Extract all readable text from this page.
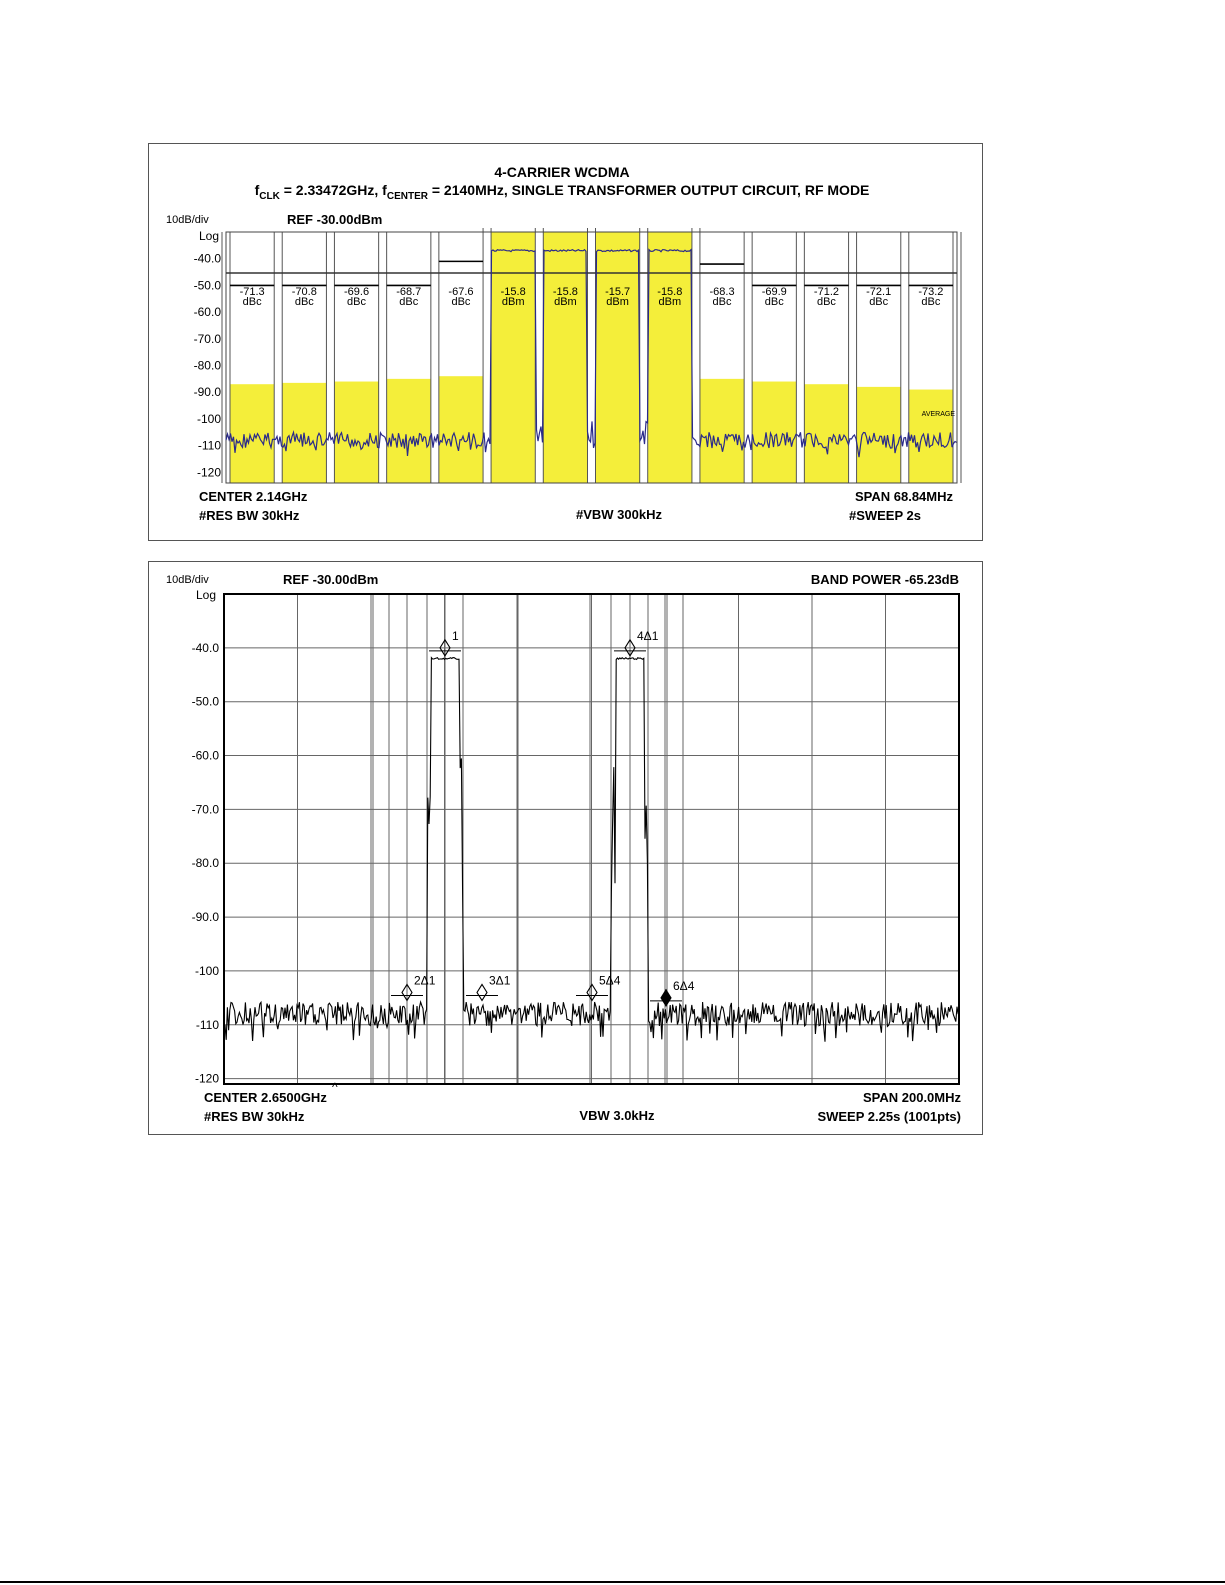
4-CARRIER WCDMA
$f_{CLK} = 2.33472GHz$, $f_{CENTER} = 2140MHz$, SINGLE TRANSFORMER OUTPUT CIRCUIT, RF MODE
10dB/div	REF -30.00dBm
Log
-40.0
-50.0
-60.0
-70.0
-80.0
-90.0
-100
-110
-120
-71.3
dBc
-70.8
dBc
-69.6
dBc
-68.7
dBc
-67.6
dBc
-15.8
dBm
-15.8
dBm
-15.7
dBm
-15.8
dBm
-68.3
dBc
-69.9
dBc
-71.2
dBc
-72.1
dBc
-73.2
dBc
AVERAGE
CENTER 2.14GHz
#RES BW 30kHz	#VBW 300kHz
SPAN 68.84MHz
#SWEEP 2s
10dB/div	REF -30.00dBm	BAND POWER -65.23dB
Log
-40.0
-50.0
-60.0
-70.0
-80.0
-90.0
-100
-110
-120
1	4Δ1
2Δ1	3Δ1	5Δ4	6Δ4
^
CENTER 2.6500GHz
#RES BW 30kHz	VBW 3.0kHz
SPAN 200.0MHz
SWEEP 2.25s (1001pts)
